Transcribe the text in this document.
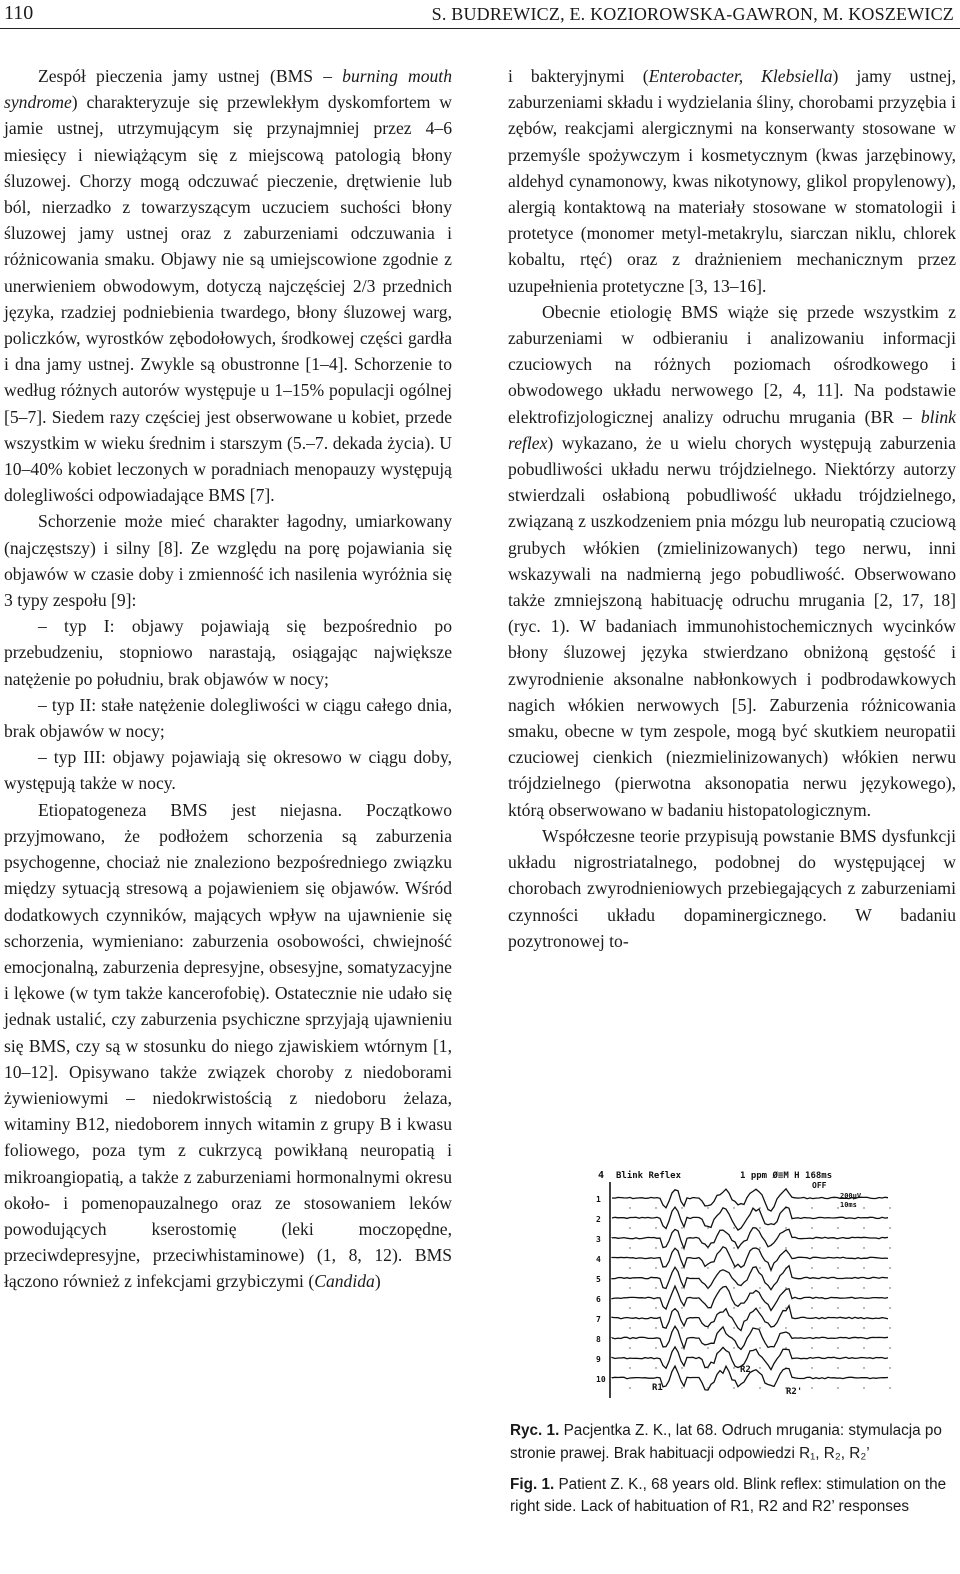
110	S. BUDREWICZ, E. KOZIOROWSKA-GAWRON, M. KOSZEWICZ

Zespół pieczenia jamy ustnej (BMS – burning mouth syndrome) charakteryzuje się przewlekłym dyskomfortem w jamie ustnej, utrzymującym się przynajmniej przez 4–6 miesięcy i niewiążącym się z miejscową patologią błony śluzowej. Chorzy mogą odczuwać pieczenie, drętwienie lub ból, nierzadko z towarzyszącym uczuciem suchości błony śluzowej jamy ustnej oraz z zaburzeniami odczuwania i różnicowania smaku. Objawy nie są umiejscowione zgodnie z unerwieniem obwodowym, dotyczą najczęściej 2/3 przednich języka, rzadziej podniebienia twardego, błony śluzowej warg, policzków, wyrostków zębodołowych, środkowej części gardła i dna jamy ustnej. Zwykle są obustronne [1–4]. Schorzenie to według różnych autorów występuje u 1–15% populacji ogólnej [5–7]. Siedem razy częściej jest obserwowane u kobiet, przede wszystkim w wieku średnim i starszym (5.–7. dekada życia). U 10–40% kobiet leczonych w poradniach menopauzy występują dolegliwości odpowiadające BMS [7].

Schorzenie może mieć charakter łagodny, umiarkowany (najczęstszy) i silny [8]. Ze względu na porę pojawiania się objawów w czasie doby i zmienność ich nasilenia wyróżnia się 3 typy zespołu [9]:

– typ I: objawy pojawiają się bezpośrednio po przebudzeniu, stopniowo narastają, osiągając największe natężenie po południu, brak objawów w nocy;

– typ II: stałe natężenie dolegliwości w ciągu całego dnia, brak objawów w nocy;

– typ III: objawy pojawiają się okresowo w ciągu doby, występują także w nocy.

Etiopatogeneza BMS jest niejasna. Początkowo przyjmowano, że podłożem schorzenia są zaburzenia psychogenne, chociaż nie znaleziono bezpośredniego związku między sytuacją stresową a pojawieniem się objawów. Wśród dodatkowych czynników, mających wpływ na ujawnienie się schorzenia, wymieniano: zaburzenia osobowości, chwiejność emocjonalną, zaburzenia depresyjne, obsesyjne, somatyzacyjne i lękowe (w tym także kancerofobię). Ostatecznie nie udało się jednak ustalić, czy zaburzenia psychiczne sprzyjają ujawnieniu się BMS, czy są w stosunku do niego zjawiskiem wtórnym [1, 10–12]. Opisywano także związek choroby z niedoborami żywieniowymi – niedokrwistością z niedoboru żelaza, witaminy B12, niedoborem innych witamin z grupy B i kwasu foliowego, poza tym z cukrzycą powikłaną neuropatią i mikroangiopatią, a także z zaburzeniami hormonalnymi okresu około- i pomenopauzalnego oraz ze stosowaniem leków powodujących kserostomię (leki moczopędne, przeciwdepresyjne, przeciwhistaminowe) (1, 8, 12). BMS łączono również z infekcjami grzybiczymi (Candida)

i bakteryjnymi (Enterobacter, Klebsiella) jamy ustnej, zaburzeniami składu i wydzielania śliny, chorobami przyzębia i zębów, reakcjami alergicznymi na konserwanty stosowane w przemyśle spożywczym i kosmetycznym (kwas jarzębinowy, aldehyd cynamonowy, kwas nikotynowy, glikol propylenowy), alergią kontaktową na materiały stosowane w stomatologii i protetyce (monomer metyl-metakrylu, siarczan niklu, chlorek kobaltu, rtęć) oraz z drażnieniem mechanicznym przez uzupełnienia protetyczne [3, 13–16].

Obecnie etiologię BMS wiąże się przede wszystkim z zaburzeniami w odbieraniu i analizowaniu informacji czuciowych na różnych poziomach ośrodkowego i obwodowego układu nerwowego [2, 4, 11]. Na podstawie elektrofizjologicznej analizy odruchu mrugania (BR – blink reflex) wykazano, że u wielu chorych występują zaburzenia pobudliwości układu nerwu trójdzielnego. Niektórzy autorzy stwierdzali osłabioną pobudliwość układu trójdzielnego, związaną z uszkodzeniem pnia mózgu lub neuropatią czuciową grubych włókien (zmielinizowanych) tego nerwu, inni wskazywali na nadmierną jego pobudliwość. Obserwowano także zmniejszoną habituację odruchu mrugania [2, 17, 18] (ryc. 1). W badaniach immunohistochemicznych wycinków błony śluzowej języka stwierdzano obniżoną gęstość i zwyrodnienie aksonalne nabłonkowych i podbrodawkowych nagich włókien nerwowych [5]. Zaburzenia różnicowania smaku, obecne w tym zespole, mogą być skutkiem neuropatii czuciowej cienkich (niezmielinizowanych) włókien nerwu trójdzielnego (pierwotna aksonopatia nerwu językowego), którą obserwowano w badaniu histopatologicznym.

Współczesne teorie przypisują powstanie BMS dysfunkcji układu nigrostriatalnego, podobnej do występującej w chorobach zwyrodnieniowych przebiegających z zaburzeniami czynności układu dopaminergicznego. W badaniu pozytronowej to-

4 Blink Reflex	1 ppm Ø≡M H 168ms
OFF
200μV
10ms
1
2
3
4
5
6
7
8
9
10
R1
R2
R2'

Ryc. 1. Pacjentka Z. K., lat 68. Odruch mrugania: stymulacja po stronie prawej. Brak habituacji odpowiedzi R₁, R₂, R₂’

Fig. 1. Patient Z. K., 68 years old. Blink reflex: stimulation on the right side. Lack of habituation of R1, R2 and R2’ responses
